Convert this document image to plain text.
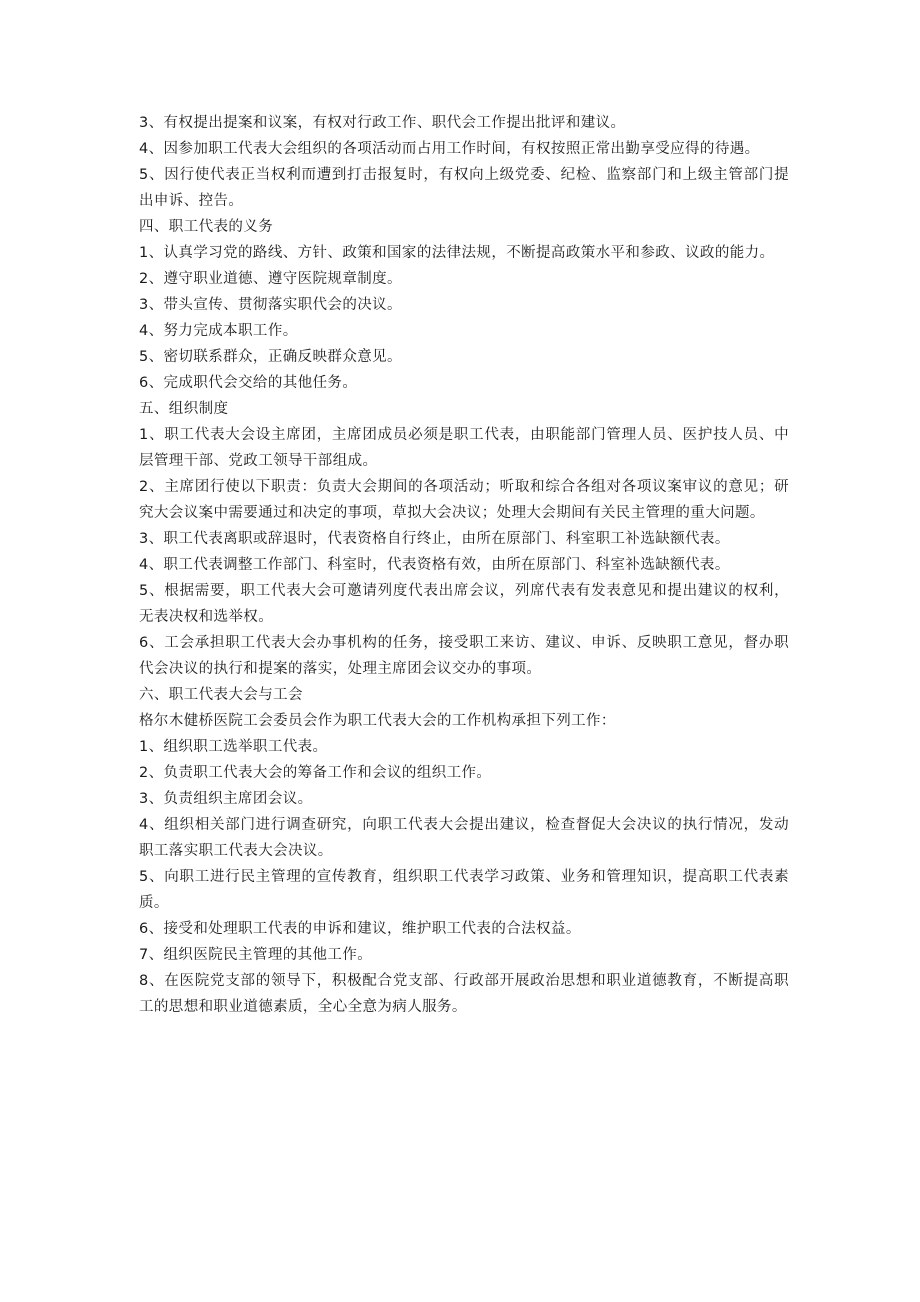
3、有权提出提案和议案，有权对行政工作、职代会工作提出批评和建议。

4、因参加职工代表大会组织的各项活动而占用工作时间，有权按照正常出勤享受应得的待遇。

5、因行使代表正当权利而遭到打击报复时，有权向上级党委、纪检、监察部门和上级主管部门提出申诉、控告。

四、职工代表的义务

1、认真学习党的路线、方针、政策和国家的法律法规，不断提高政策水平和参政、议政的能力。

2、遵守职业道德、遵守医院规章制度。

3、带头宣传、贯彻落实职代会的决议。

4、努力完成本职工作。

5、密切联系群众，正确反映群众意见。

6、完成职代会交给的其他任务。

五、组织制度

1、职工代表大会设主席团，主席团成员必须是职工代表，由职能部门管理人员、医护技人员、中层管理干部、党政工领导干部组成。

2、主席团行使以下职责：负责大会期间的各项活动；听取和综合各组对各项议案审议的意见；研究大会议案中需要通过和决定的事项，草拟大会决议；处理大会期间有关民主管理的重大问题。

3、职工代表离职或辞退时，代表资格自行终止，由所在原部门、科室职工补选缺额代表。

4、职工代表调整工作部门、科室时，代表资格有效，由所在原部门、科室补选缺额代表。

5、根据需要，职工代表大会可邀请列度代表出席会议，列席代表有发表意见和提出建议的权利，无表决权和选举权。

6、工会承担职工代表大会办事机构的任务，接受职工来访、建议、申诉、反映职工意见，督办职代会决议的执行和提案的落实，处理主席团会议交办的事项。

六、职工代表大会与工会

格尔木健桥医院工会委员会作为职工代表大会的工作机构承担下列工作：

1、组织职工选举职工代表。

2、负责职工代表大会的筹备工作和会议的组织工作。

3、负责组织主席团会议。

4、组织相关部门进行调查研究，向职工代表大会提出建议，检查督促大会决议的执行情况，发动职工落实职工代表大会决议。

5、向职工进行民主管理的宣传教育，组织职工代表学习政策、业务和管理知识，提高职工代表素质。

6、接受和处理职工代表的申诉和建议，维护职工代表的合法权益。

7、组织医院民主管理的其他工作。

8、在医院党支部的领导下，积极配合党支部、行政部开展政治思想和职业道德教育，不断提高职工的思想和职业道德素质，全心全意为病人服务。
